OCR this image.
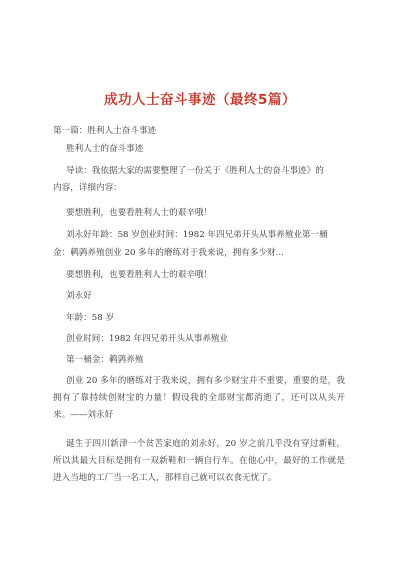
成功人士奋斗事迹（最终5篇）
第一篇：胜利人士奋斗事迹
胜利人士的奋斗事迹
导读：我依据大家的需要整理了一份关于《胜利人士的奋斗事迹》的
内容，详细内容：
要想胜利，也要看胜利人士的艰辛哦！
刘永好年龄：58 岁创业时间：1982 年四兄弟开头从事养殖业第一桶
金：鹌鹑养殖创业 20 多年的磨练对于我来说，拥有多少财...
要想胜利，也要看胜利人士的艰辛哦！
刘永好
年龄：58 岁
创业时间：1982 年四兄弟开头从事养殖业
第一桶金：鹌鹑养殖
创业 20 多年的磨练对于我来说，拥有多少财宝并不重要，重要的是，我拥有了靠持续创财宝的力量！假设我的全部财宝都消逝了，还可以从头开来。——刘永好
诞生于四川新津一个贫苦家庭的刘永好，20 岁之前几乎没有穿过新鞋，所以其最大目标是拥有一双新鞋和一辆自行车。在他心中，最好的工作就是进入当地的工厂当一名工人，那样自己就可以衣食无忧了。
